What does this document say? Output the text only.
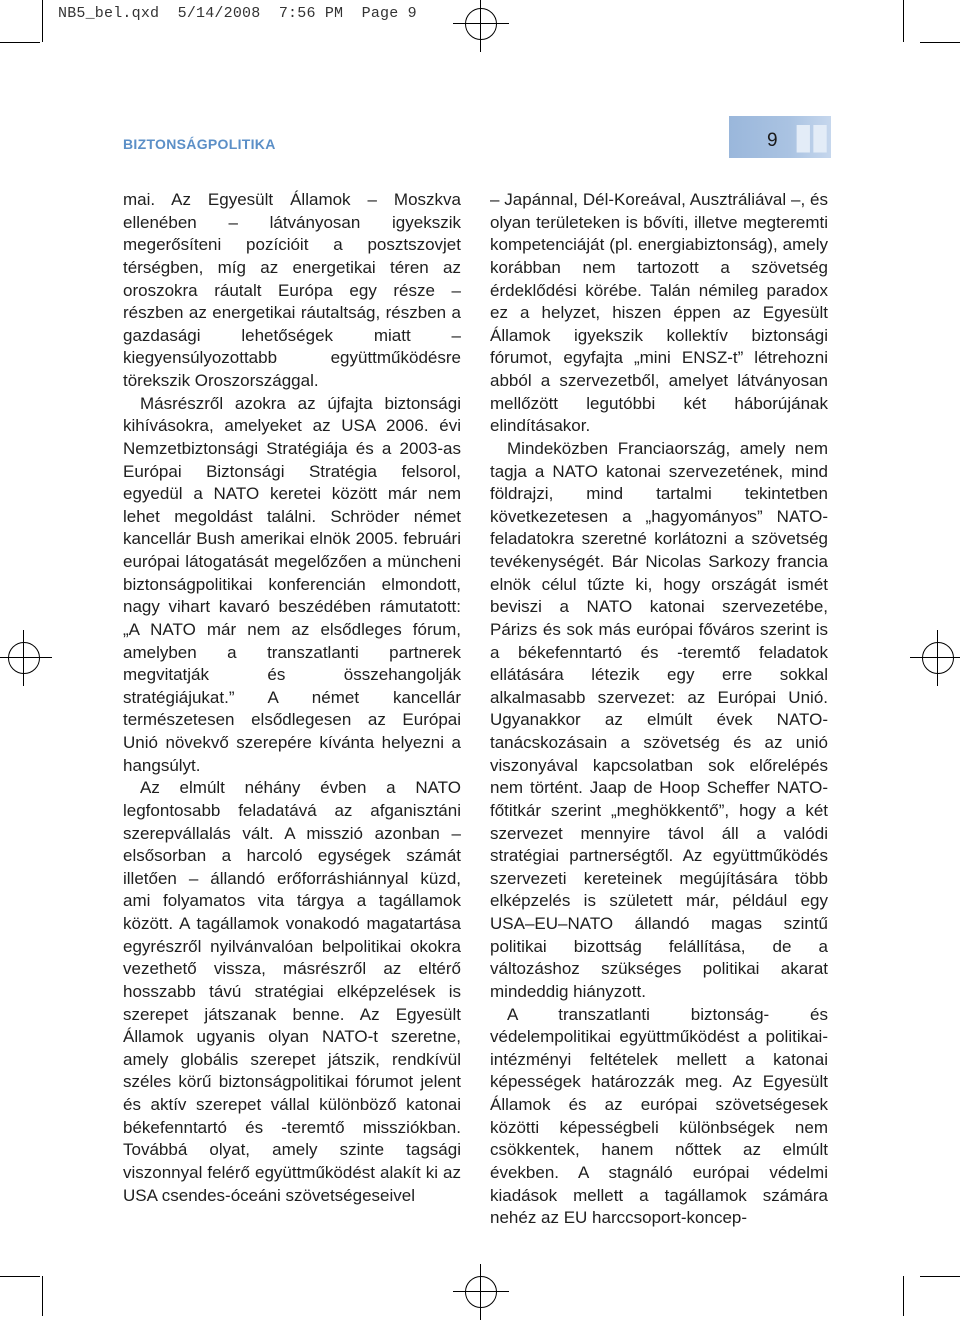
NB5_bel.qxd  5/14/2008  7:56 PM  Page 9
BIZTONSÁGPOLITIKA	9 ▮▮

mai. Az Egyesült Államok – Moszkva ellenében – látványosan igyekszik megerősíteni pozícióit a posztszovjet térségben, míg az energetikai téren az oroszokra ráutalt Európa egy része – részben az energetikai ráutaltság, részben a gazdasági lehetőségek miatt – kiegyensúlyozottabb együttműködésre törekszik Oroszországgal.

Másrészről azokra az újfajta biztonsági kihívásokra, amelyeket az USA 2006. évi Nemzetbiztonsági Stratégiája és a 2003-as Európai Biztonsági Stratégia felsorol, egyedül a NATO keretei között már nem lehet megoldást találni. Schröder német kancellár Bush amerikai elnök 2005. februári európai látogatását megelőzően a müncheni biztonságpolitikai konferencián elmondott, nagy vihart kavaró beszédében rámutatott: „A NATO már nem az elsődleges fórum, amelyben a transzatlanti partnerek megvitatják és összehangolják stratégiájukat.” A német kancellár természetesen elsődlegesen az Európai Unió növekvő szerepére kívánta helyezni a hangsúlyt.

Az elmúlt néhány évben a NATO legfontosabb feladatává az afganisztáni szerepvállalás vált. A misszió azonban – elsősorban a harcoló egységek számát illetően – állandó erőforráshiánnyal küzd, ami folyamatos vita tárgya a tagállamok között. A tagállamok vonakodó magatartása egyrészről nyilvánvalóan belpolitikai okokra vezethető vissza, másrészről az eltérő hosszabb távú stratégiai elképzelések is szerepet játszanak benne. Az Egyesült Államok ugyanis olyan NATO-t szeretne, amely globális szerepet játszik, rendkívül széles körű biztonságpolitikai fórumot jelent és aktív szerepet vállal különböző katonai békefenntartó és -teremtő missziókban. Továbbá olyat, amely szinte tagsági viszonnyal felérő együttműködést alakít ki az USA csendes-óceáni szövetségeseivel

– Japánnal, Dél-Koreával, Ausztráliával –, és olyan területeken is bővíti, illetve megteremti kompetenciáját (pl. energiabiztonság), amely korábban nem tartozott a szövetség érdeklődési körébe. Talán némileg paradox ez a helyzet, hiszen éppen az Egyesült Államok igyekszik kollektív biztonsági fórumot, egyfajta „mini ENSZ-t” létrehozni abból a szervezetből, amelyet látványosan mellőzött legutóbbi két háborújának elindításakor.

Mindeközben Franciaország, amely nem tagja a NATO katonai szervezetének, mind földrajzi, mind tartalmi tekintetben következetesen a „hagyományos” NATO-feladatokra szeretné korlátozni a szövetség tevékenységét. Bár Nicolas Sarkozy francia elnök célul tűzte ki, hogy országát ismét beviszi a NATO katonai szervezetébe, Párizs és sok más európai főváros szerint is a békefenntartó és -teremtő feladatok ellátására létezik egy erre sokkal alkalmasabb szervezet: az Európai Unió. Ugyanakkor az elmúlt évek NATO-tanácskozásain a szövetség és az unió viszonyával kapcsolatban sok előrelépés nem történt. Jaap de Hoop Scheffer NATO-főtitkár szerint „meghökkentő”, hogy a két szervezet mennyire távol áll a valódi stratégiai partnerségtől. Az együttműködés szervezeti kereteinek megújítására több elképzelés is született már, például egy USA–EU–NATO állandó magas szintű politikai bizottság felállítása, de a változáshoz szükséges politikai akarat mindeddig hiányzott.

A transzatlanti biztonság- és védelempolitikai együttműködést a politikai-intézményi feltételek mellett a katonai képességek határozzák meg. Az Egyesült Államok és az európai szövetségesek közötti képességbeli különbségek nem csökkentek, hanem nőttek az elmúlt években. A stagnáló európai védelmi kiadások mellett a tagállamok számára nehéz az EU harccsoport-koncep-
